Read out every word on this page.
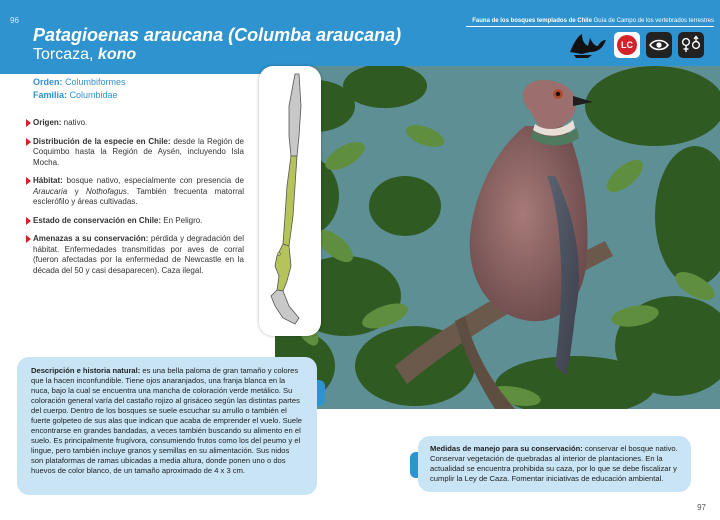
96	Fauna de los bosques templados de Chile Guía de Campo de los vertebrados terrestres
Patagioenas araucana (Columba araucana)
Torcaza, kono
LC
Orden: Columbiformes
Familia: Columbidae

Origen: nativo.

Distribución de la especie en Chile: desde la Región de Coquimbo hasta la Región de Aysén, incluyendo Isla Mocha.

Hábitat: bosque nativo, especialmente con presencia de Araucaria y Nothofagus. También frecuenta matorral esclerófilo y áreas cultivadas.

Estado de conservación en Chile: En Peligro.

Amenazas a su conservación: pérdida y degradación del hábitat. Enfermedades transmitidas por aves de corral (fueron afectadas por la enfermedad de Newcastle en la década del 50 y casi desaparecen). Caza ilegal.

Descripción e historia natural: es una bella paloma de gran tamaño y colores que la hacen inconfundible. Tiene ojos anaranjados, una franja blanca en la nuca, bajo la cual se encuentra una mancha de coloración verde metálico. Su coloración general varía del castaño rojizo al grisáceo según las distintas partes del cuerpo. Dentro de los bosques se suele escuchar su arrullo o también el fuerte golpeteo de sus alas que indican que acaba de emprender el vuelo. Suele encontrarse en grandes bandadas, a veces también buscando su alimento en el suelo. Es principalmente frugívora, consumiendo frutos como los del peumo y el lingue, pero también incluye granos y semillas en su alimentación. Sus nidos son plataformas de ramas ubicadas a media altura, donde ponen uno o dos huevos de color blanco, de un tamaño aproximado de 4 x 3 cm.
Medidas de manejo para su conservación: conservar el bosque nativo. Conservar vegetación de quebradas al interior de plantaciones. En la actualidad se encuentra prohibida su caza, por lo que se debe fiscalizar y cumplir la Ley de Caza. Fomentar iniciativas de educación ambiental.
97
